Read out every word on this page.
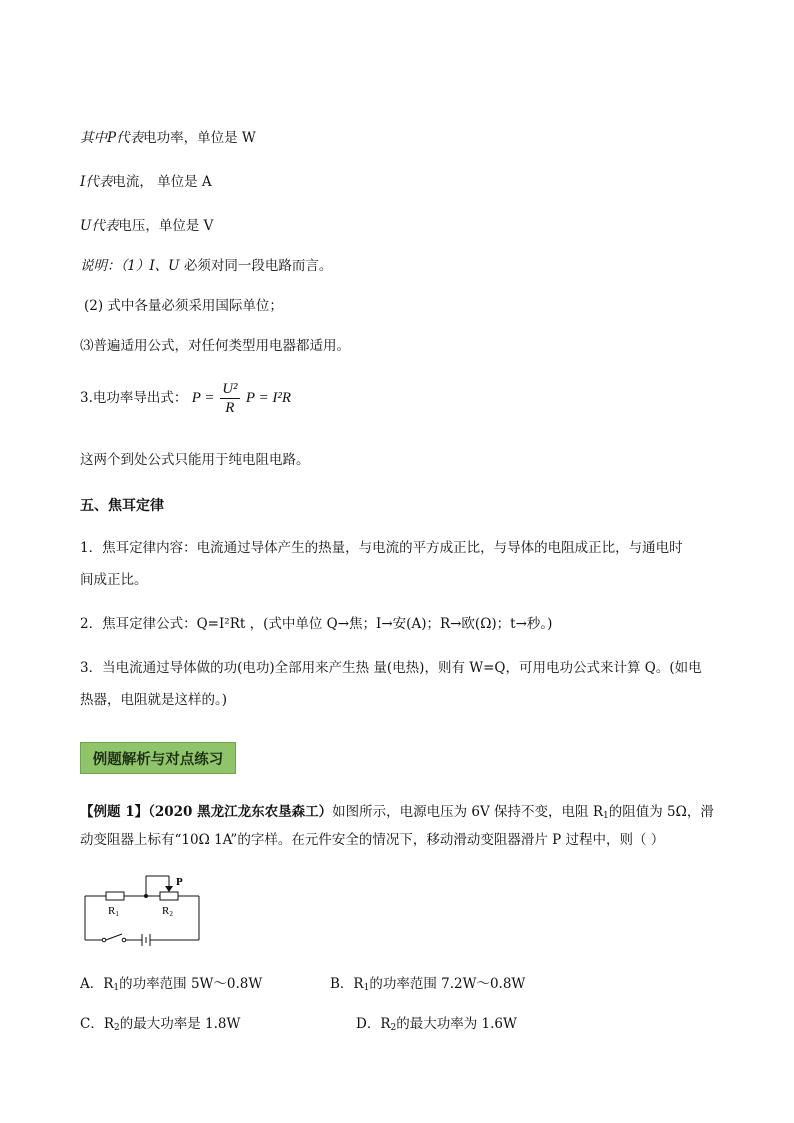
其中P代表电功率，单位是 W
I代表电流， 单位是 A
U代表电压，单位是 V
说明：（1）I、U 必须对同一段电路而言。
(2) 式中各量必须采用国际单位；
⑶普遍适用公式，对任何类型用电器都适用。
3.电功率导出式： $P = \frac{\text{U²}}{R}$ P = I²R
这两个到处公式只能用于纯电阻电路。
五、焦耳定律
1．焦耳定律内容：电流通过导体产生的热量，与电流的平方成正比，与导体的电阻成正比，与通电时
间成正比。
2．焦耳定律公式：Q=I²Rt ，(式中单位 Q→焦；I→安(A)；R→欧(Ω)；t→秒。)
3．当电流通过导体做的功(电功)全部用来产生热 量(电热)，则有 W=Q，可用电功公式来计算 Q。(如电
热器，电阻就是这样的。)
例题解析与对点练习
【例题 1】（2020 黑龙江龙东农垦森工）如图所示，电源电压为 6V 保持不变，电阻 $R_1$的阻值为 5Ω，滑
动变阻器上标有“10Ω 1A”的字样。在元件安全的情况下，移动滑动变阻器滑片 P 过程中，则（ ）
P
R1	R2
A．$R_1$的功率范围 5W～0.8W	B．$R_1$的功率范围 7.2W～0.8W
C．$R_2$的最大功率是 1.8W	D．$R_2$的最大功率为 1.6W
